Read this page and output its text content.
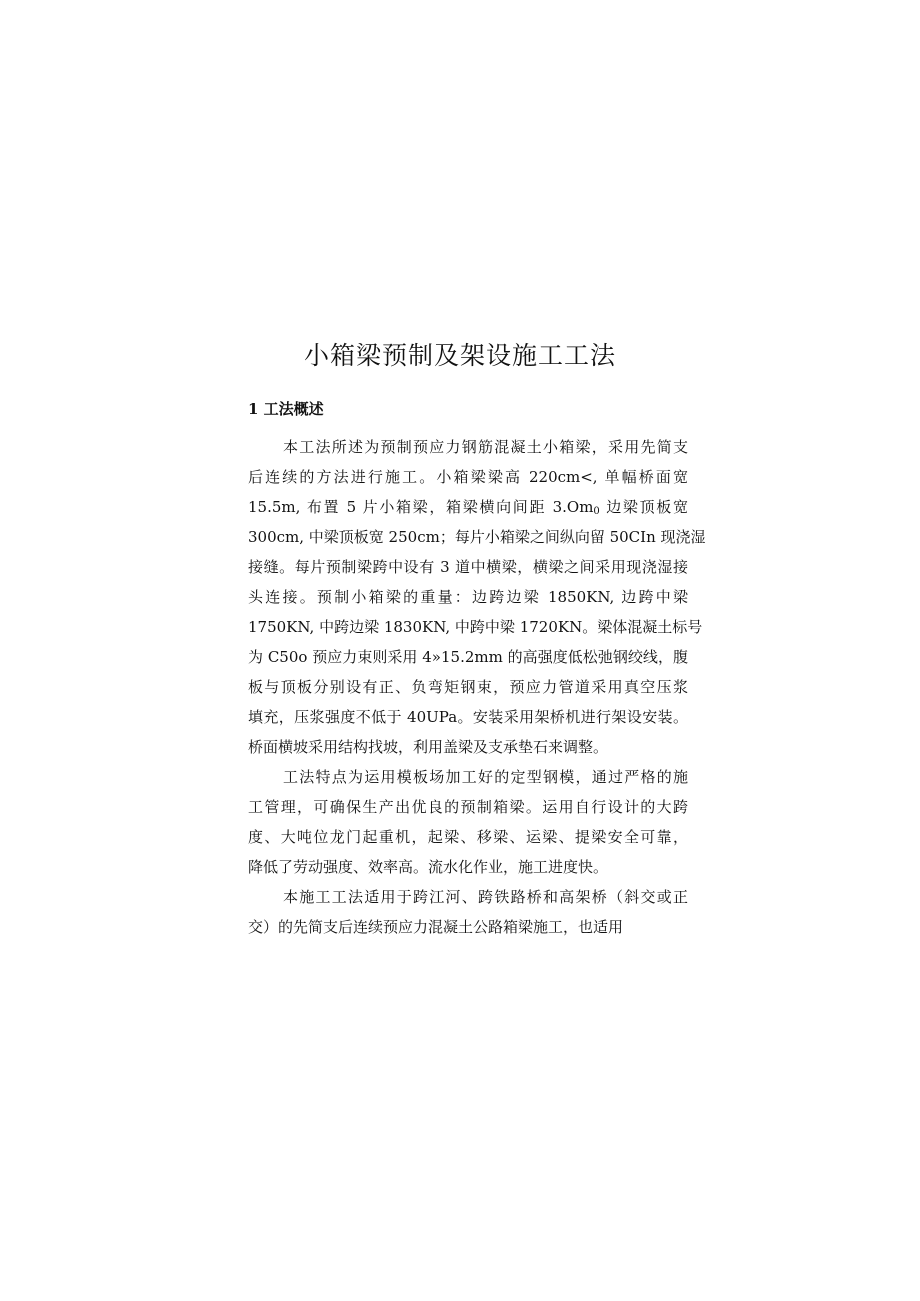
小箱梁预制及架设施工工法
1 工法概述

本工法所述为预制预应力钢筋混凝土小箱梁，采用先简支

后连续的方法进行施工。小箱梁梁高 220cm<, 单幅桥面宽

15.5m, 布置 5 片小箱梁，箱梁横向间距 $3.Om_0$ 边梁顶板宽

300cm, 中梁顶板宽 250cm；每片小箱梁之间纵向留 50CIn 现浇湿

接缝。每片预制梁跨中设有 3 道中横梁，横梁之间采用现浇湿接

头连接。预制小箱梁的重量：边跨边梁 1850KN, 边跨中梁

1750KN, 中跨边梁 1830KN, 中跨中梁 1720KN。梁体混凝土标号

为 C50o 预应力束则采用 4»15.2mm 的高强度低松弛钢绞线，腹

板与顶板分别设有正、负弯矩钢束，预应力管道采用真空压浆

填充，压浆强度不低于 40UPa。安装采用架桥机进行架设安装。

桥面横坡采用结构找坡，利用盖梁及支承垫石来调整。

工法特点为运用模板场加工好的定型钢模，通过严格的施

工管理，可确保生产出优良的预制箱梁。运用自行设计的大跨

度、大吨位龙门起重机，起梁、移梁、运梁、提梁安全可靠，

降低了劳动强度、效率高。流水化作业，施工进度快。

本施工工法适用于跨江河、跨铁路桥和高架桥（斜交或正

交）的先简支后连续预应力混凝土公路箱梁施工，也适用
